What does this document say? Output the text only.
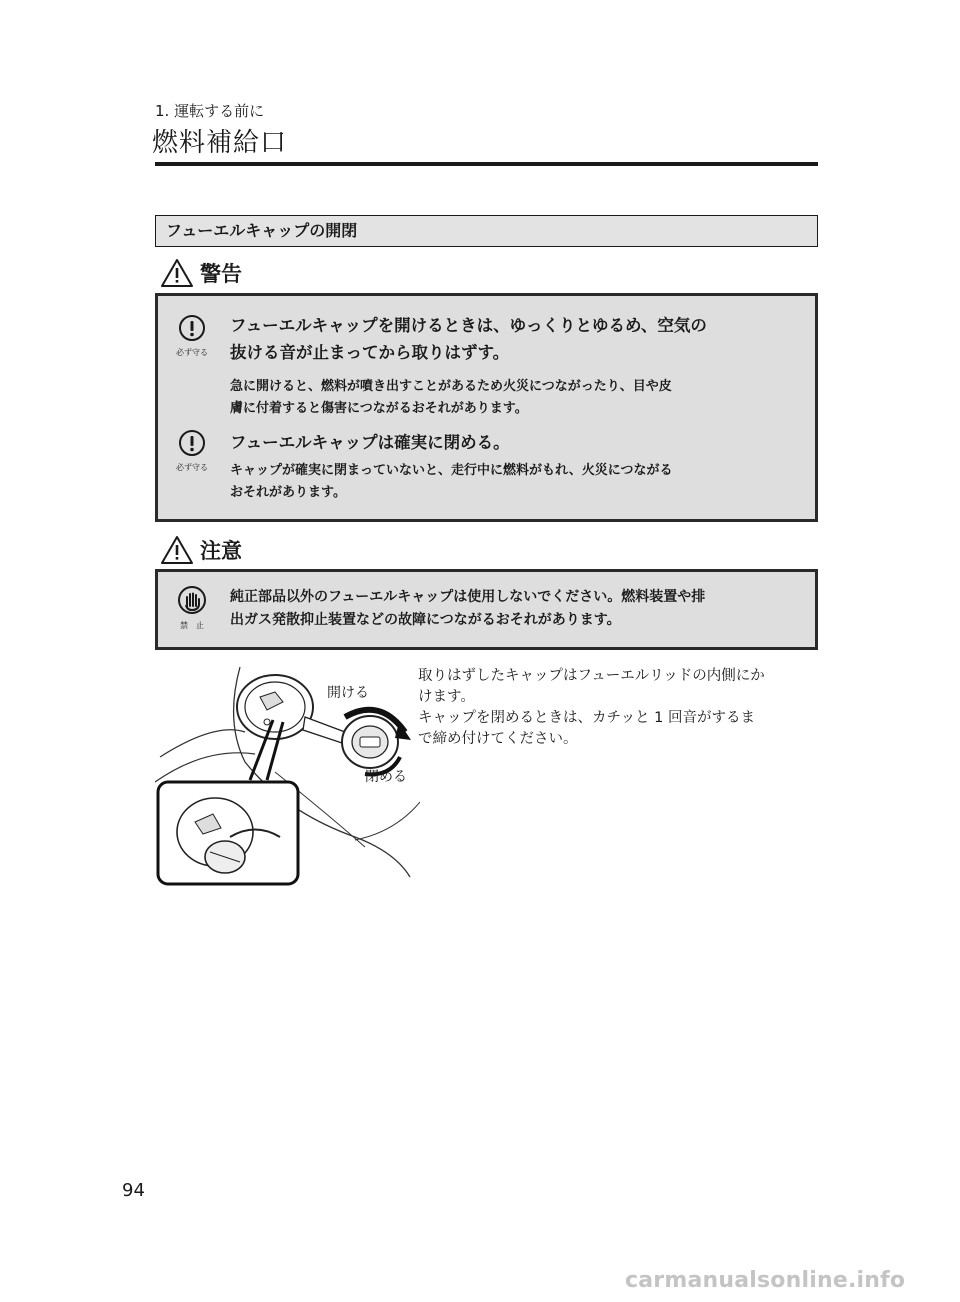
1. 運転する前に
燃料補給口
フューエルキャップの開閉
警告
必ず守る
フューエルキャップを開けるときは、ゆっくりとゆるめ、空気の
抜ける音が止まってから取りはずす。
急に開けると、燃料が噴き出すことがあるため火災につながったり、目や皮
膚に付着すると傷害につながるおそれがあります。
必ず守る
フューエルキャップは確実に閉める。
キャップが確実に閉まっていないと、走行中に燃料がもれ、火災につながる
おそれがあります。
注意
禁　止
純正部品以外のフューエルキャップは使用しないでください。燃料装置や排
出ガス発散抑止装置などの故障につながるおそれがあります。
開ける
閉める
取りはずしたキャップはフューエルリッドの内側にか
けます。
キャップを閉めるときは、カチッと 1 回音がするま
で締め付けてください。
94
carmanualsonline.info
